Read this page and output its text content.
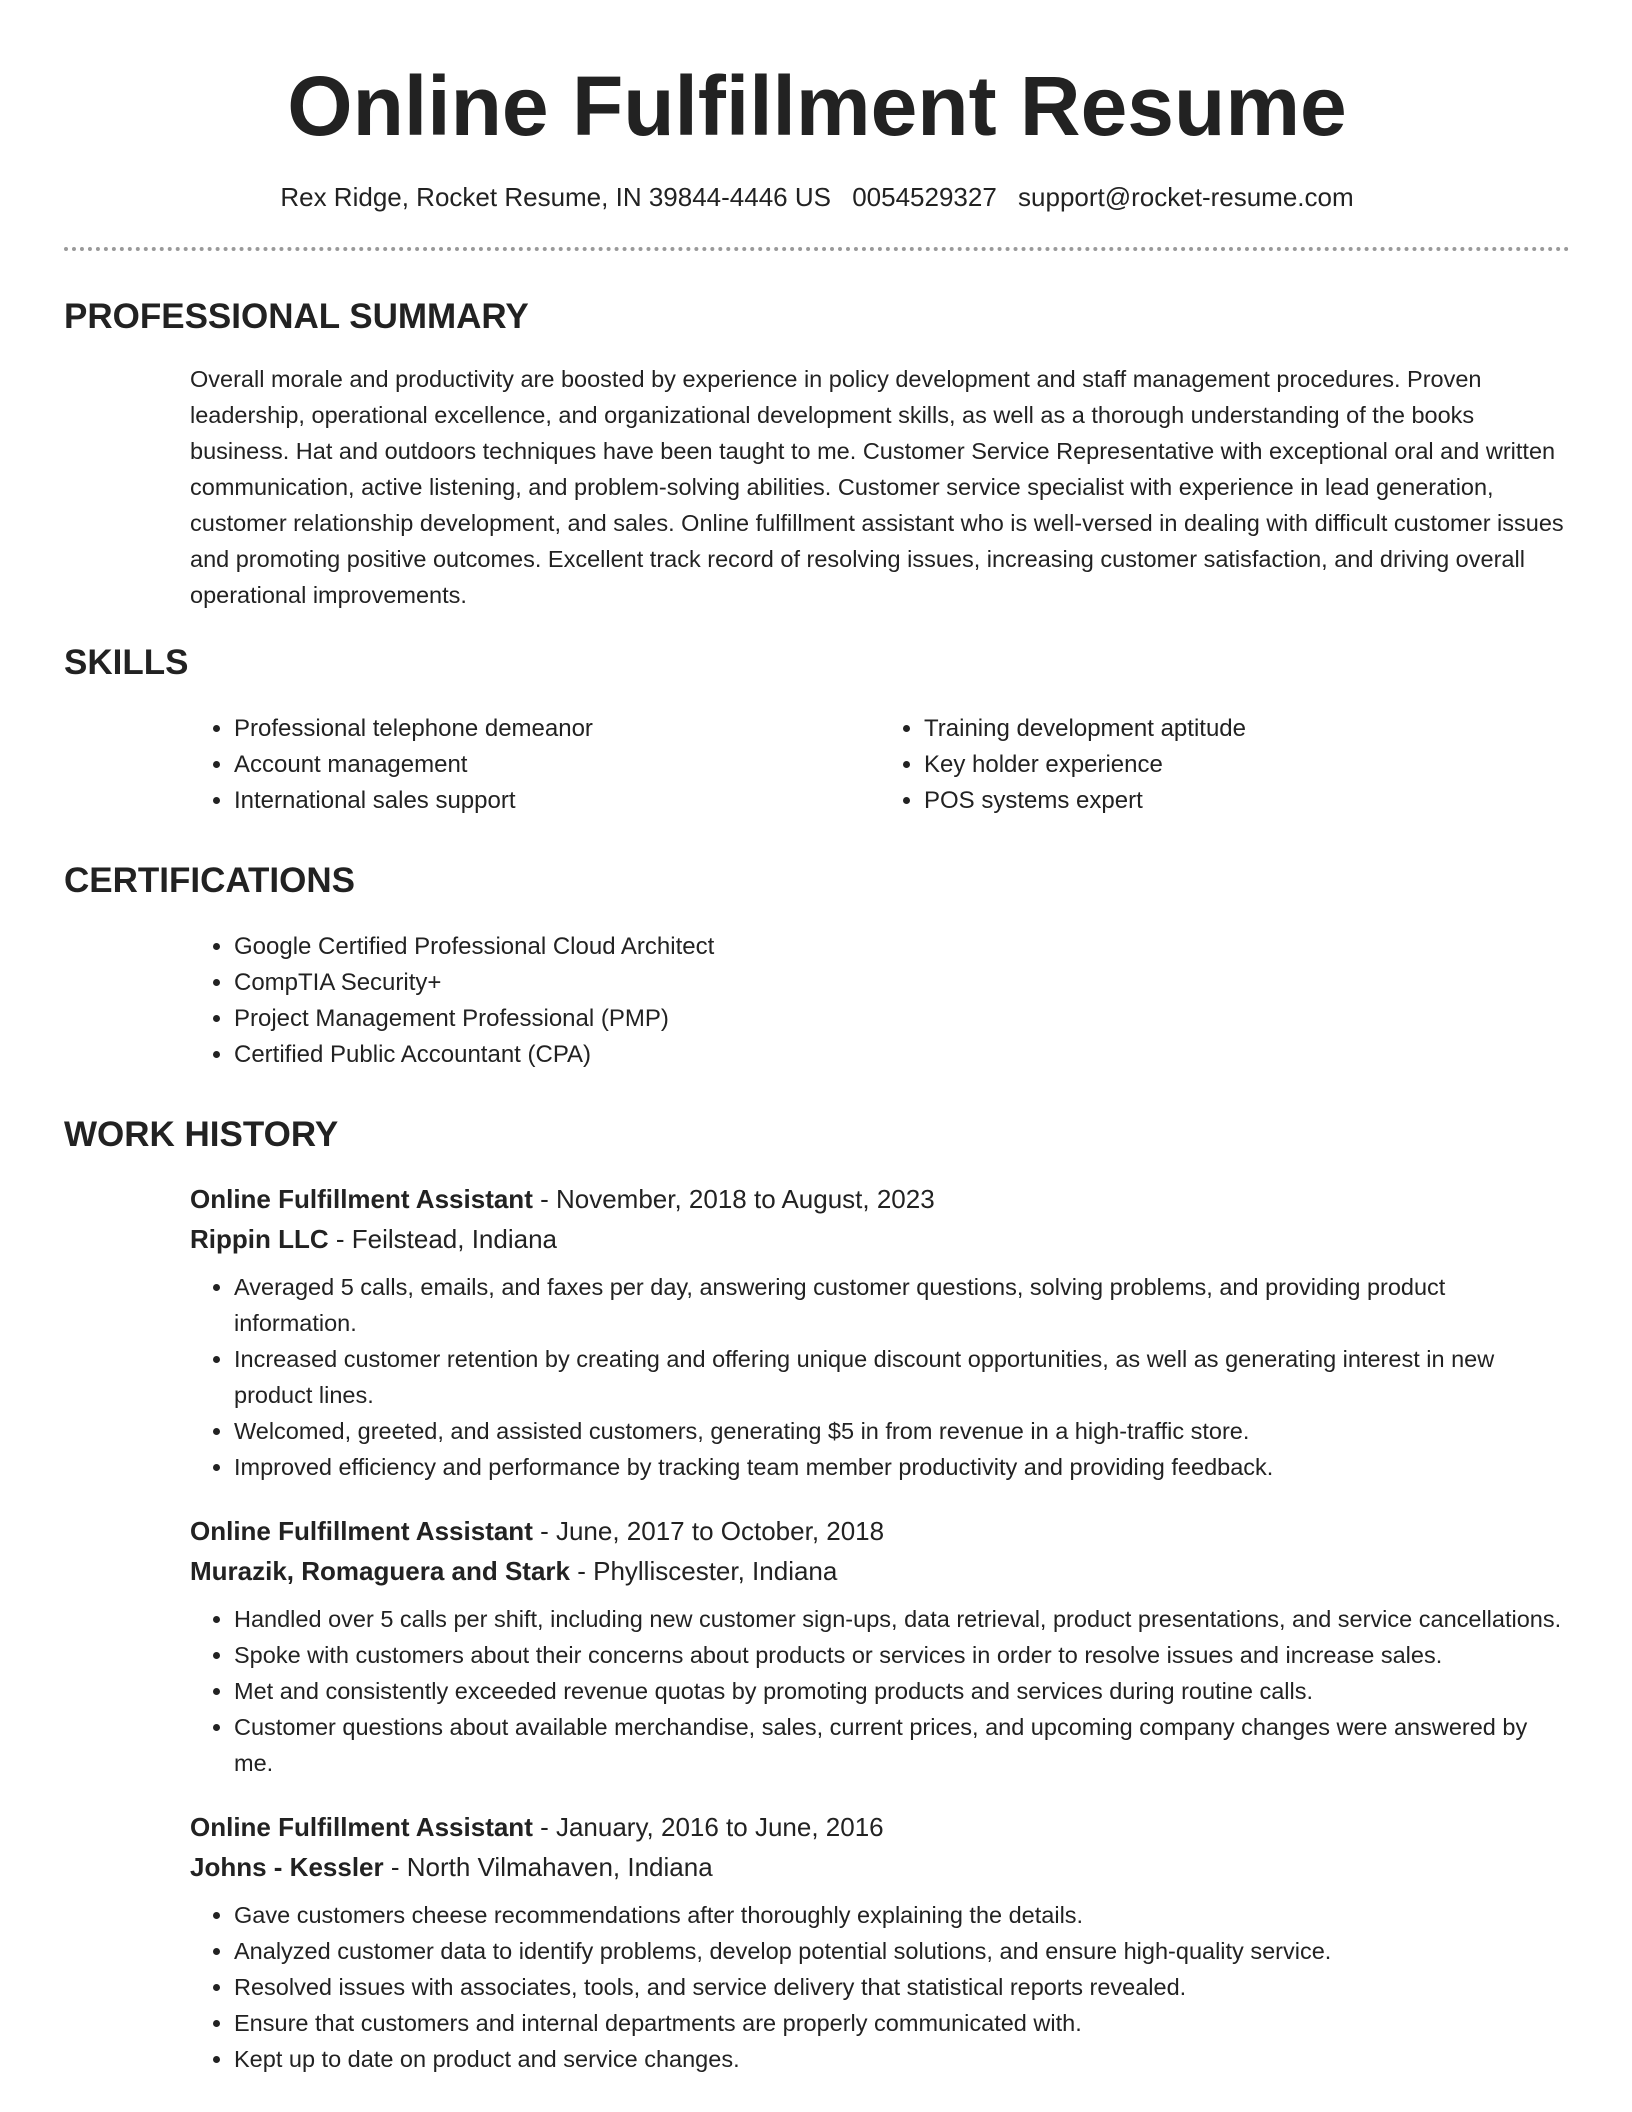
Online Fulfillment Resume
Rex Ridge, Rocket Resume, IN 39844-4446 US 0054529327 support@rocket-resume.com
PROFESSIONAL SUMMARY

Overall morale and productivity are boosted by experience in policy development and staff management procedures. Proven leadership, operational excellence, and organizational development skills, as well as a thorough understanding of the books business. Hat and outdoors techniques have been taught to me. Customer Service Representative with exceptional oral and written communication, active listening, and problem-solving abilities. Customer service specialist with experience in lead generation, customer relationship development, and sales. Online fulfillment assistant who is well-versed in dealing with difficult customer issues and promoting positive outcomes. Excellent track record of resolving issues, increasing customer satisfaction, and driving overall operational improvements.

SKILLS
• Professional telephone demeanor
• Account management
• International sales support
• Training development aptitude
• Key holder experience
• POS systems expert
CERTIFICATIONS
• Google Certified Professional Cloud Architect
• CompTIA Security+
• Project Management Professional (PMP)
• Certified Public Accountant (CPA)
WORK HISTORY
Online Fulfillment Assistant - November, 2018 to August, 2023
Rippin LLC - Feilstead, Indiana
• Averaged 5 calls, emails, and faxes per day, answering customer questions, solving problems, and providing product information.
• Increased customer retention by creating and offering unique discount opportunities, as well as generating interest in new product lines.
• Welcomed, greeted, and assisted customers, generating $5 in from revenue in a high-traffic store.
• Improved efficiency and performance by tracking team member productivity and providing feedback.
Online Fulfillment Assistant - June, 2017 to October, 2018
Murazik, Romaguera and Stark - Phylliscester, Indiana
• Handled over 5 calls per shift, including new customer sign-ups, data retrieval, product presentations, and service cancellations.
• Spoke with customers about their concerns about products or services in order to resolve issues and increase sales.
• Met and consistently exceeded revenue quotas by promoting products and services during routine calls.
• Customer questions about available merchandise, sales, current prices, and upcoming company changes were answered by me.
Online Fulfillment Assistant - January, 2016 to June, 2016
Johns - Kessler - North Vilmahaven, Indiana
• Gave customers cheese recommendations after thoroughly explaining the details.
• Analyzed customer data to identify problems, develop potential solutions, and ensure high-quality service.
• Resolved issues with associates, tools, and service delivery that statistical reports revealed.
• Ensure that customers and internal departments are properly communicated with.
• Kept up to date on product and service changes.
